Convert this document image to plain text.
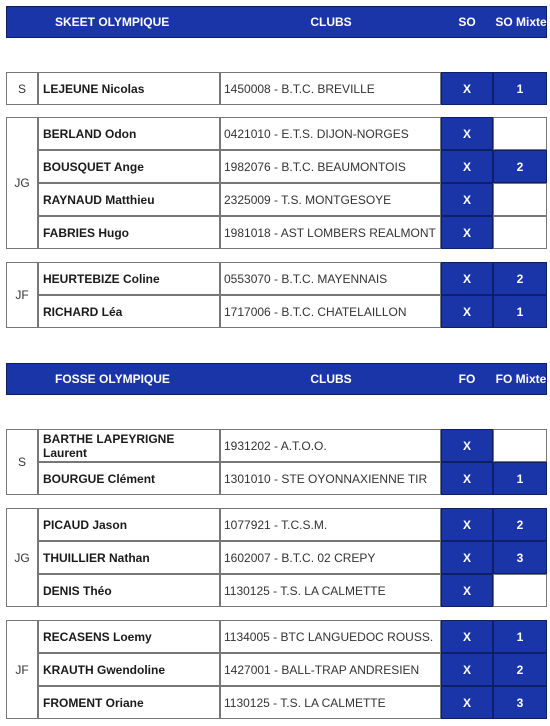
SKEET OLYMPIQUE	CLUBS	SO	SO Mixte
S	LEJEUNE Nicolas	1450008 - B.T.C. BREVILLE	X	1
JG
BERLAND Odon	0421010 - E.T.S. DIJON-NORGES	X
BOUSQUET Ange	1982076 - B.T.C. BEAUMONTOIS	X	2
RAYNAUD Matthieu	2325009 - T.S. MONTGESOYE	X
FABRIES Hugo	1981018 - AST LOMBERS REALMONT	X
JF
HEURTEBIZE Coline	0553070 - B.T.C. MAYENNAIS	X	2
RICHARD Léa	1717006 - B.T.C. CHATELAILLON	X	1
FOSSE OLYMPIQUE	CLUBS	FO	FO Mixte
S
BARTHE LAPEYRIGNE Laurent	1931202 - A.T.O.O.	X
BOURGUE Clément	1301010 - STE OYONNAXIENNE TIR	X	1
JG
PICAUD Jason	1077921 - T.C.S.M.	X	2
THUILLIER Nathan	1602007 - B.T.C. 02 CREPY	X	3
DENIS Théo	1130125 - T.S. LA CALMETTE	X
JF
RECASENS Loemy	1134005 - BTC LANGUEDOC ROUSS.	X	1
KRAUTH Gwendoline	1427001 - BALL-TRAP ANDRESIEN	X	2
FROMENT Oriane	1130125 - T.S. LA CALMETTE	X	3
